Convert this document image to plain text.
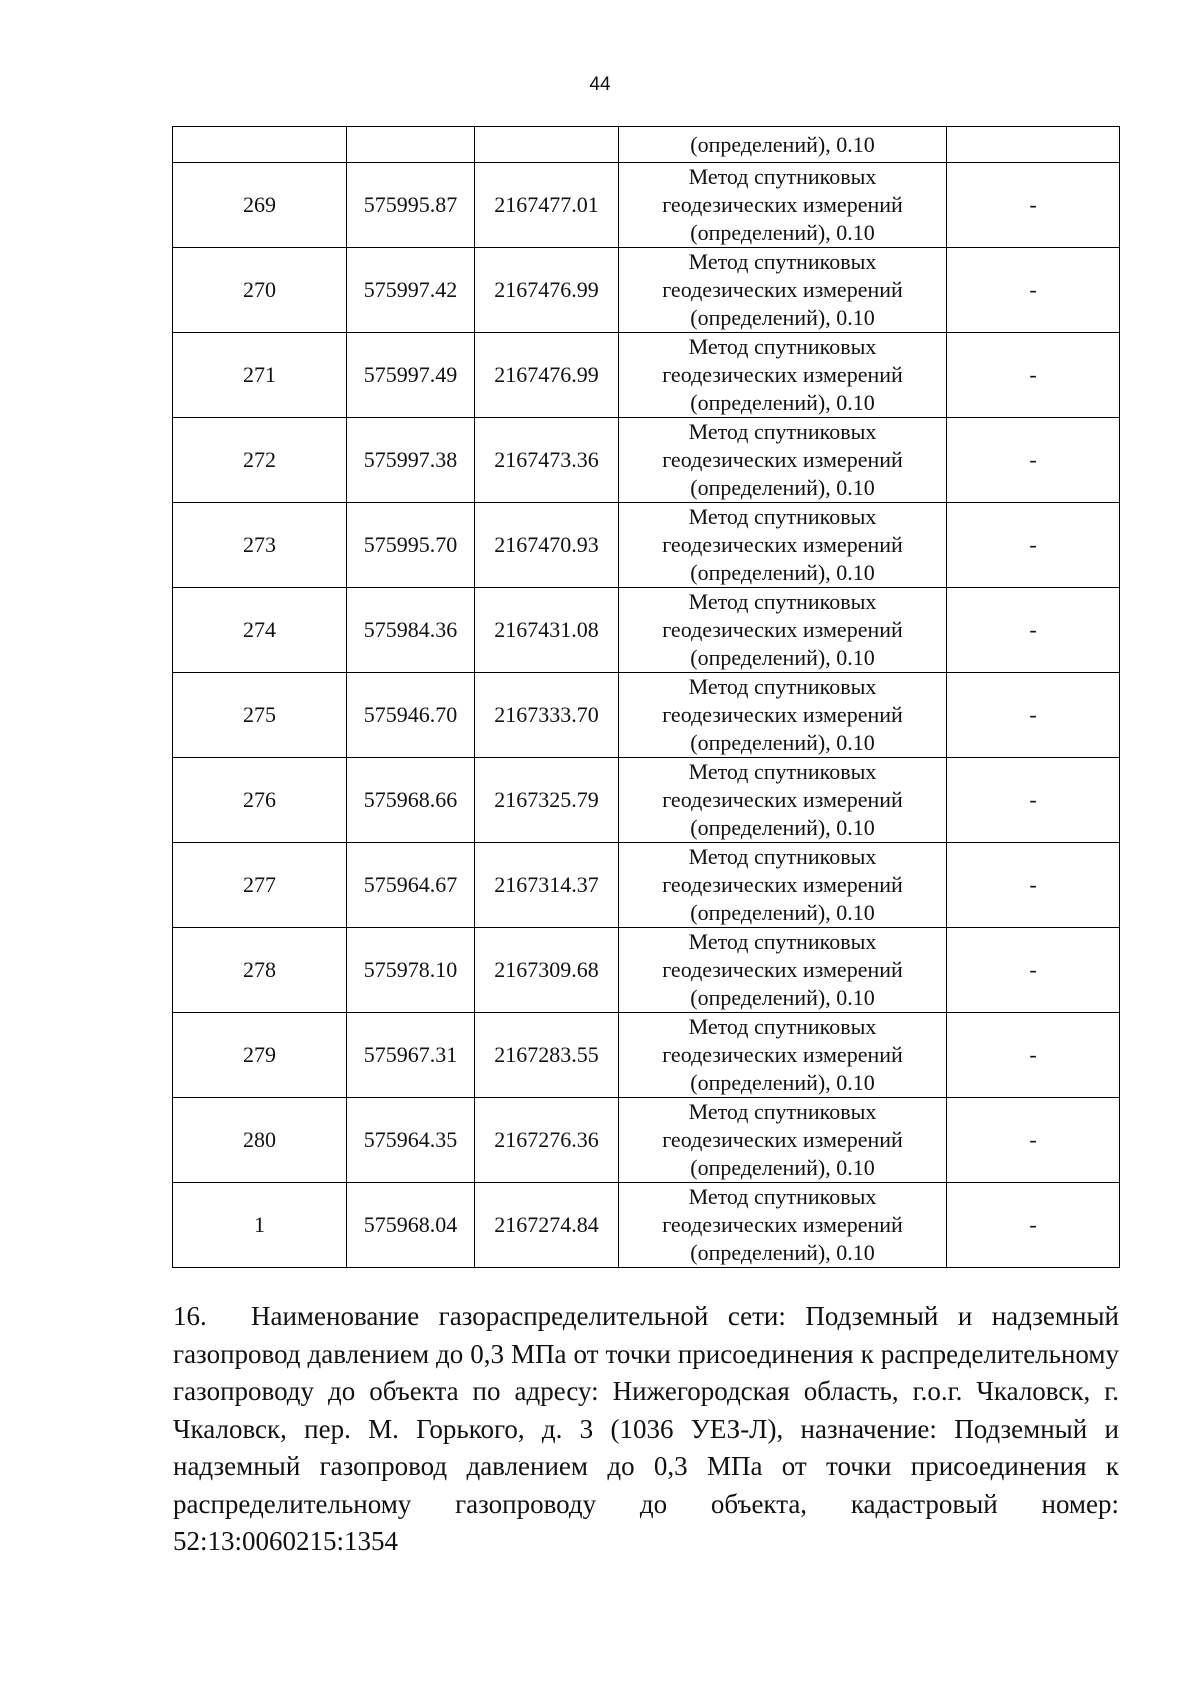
44

			(определений), 0.10	

269	575995.87	2167477.01	Метод спутниковых
геодезических измерений
(определений), 0.10	-
270	575997.42	2167476.99	Метод спутниковых
геодезических измерений
(определений), 0.10	-
271	575997.49	2167476.99	Метод спутниковых
геодезических измерений
(определений), 0.10	-
272	575997.38	2167473.36	Метод спутниковых
геодезических измерений
(определений), 0.10	-
273	575995.70	2167470.93	Метод спутниковых
геодезических измерений
(определений), 0.10	-
274	575984.36	2167431.08	Метод спутниковых
геодезических измерений
(определений), 0.10	-
275	575946.70	2167333.70	Метод спутниковых
геодезических измерений
(определений), 0.10	-
276	575968.66	2167325.79	Метод спутниковых
геодезических измерений
(определений), 0.10	-
277	575964.67	2167314.37	Метод спутниковых
геодезических измерений
(определений), 0.10	-
278	575978.10	2167309.68	Метод спутниковых
геодезических измерений
(определений), 0.10	-
279	575967.31	2167283.55	Метод спутниковых
геодезических измерений
(определений), 0.10	-
280	575964.35	2167276.36	Метод спутниковых
геодезических измерений
(определений), 0.10	-
1	575968.04	2167274.84	Метод спутниковых
геодезических измерений
(определений), 0.10	-

16. Наименование газораспределительной сети: Подземный и надземный газопровод давлением до 0,3 МПа от точки присоединения к распределительному газопроводу до объекта по адресу: Нижегородская область, г.о.г. Чкаловск, г. Чкаловск, пер. М. Горького, д. 3 (1036 УЕЗ-Л), назначение: Подземный и надземный газопровод давлением до 0,3 МПа от точки присоединения к распределительному газопроводу до объекта, кадастровый номер: 52:13:0060215:1354
